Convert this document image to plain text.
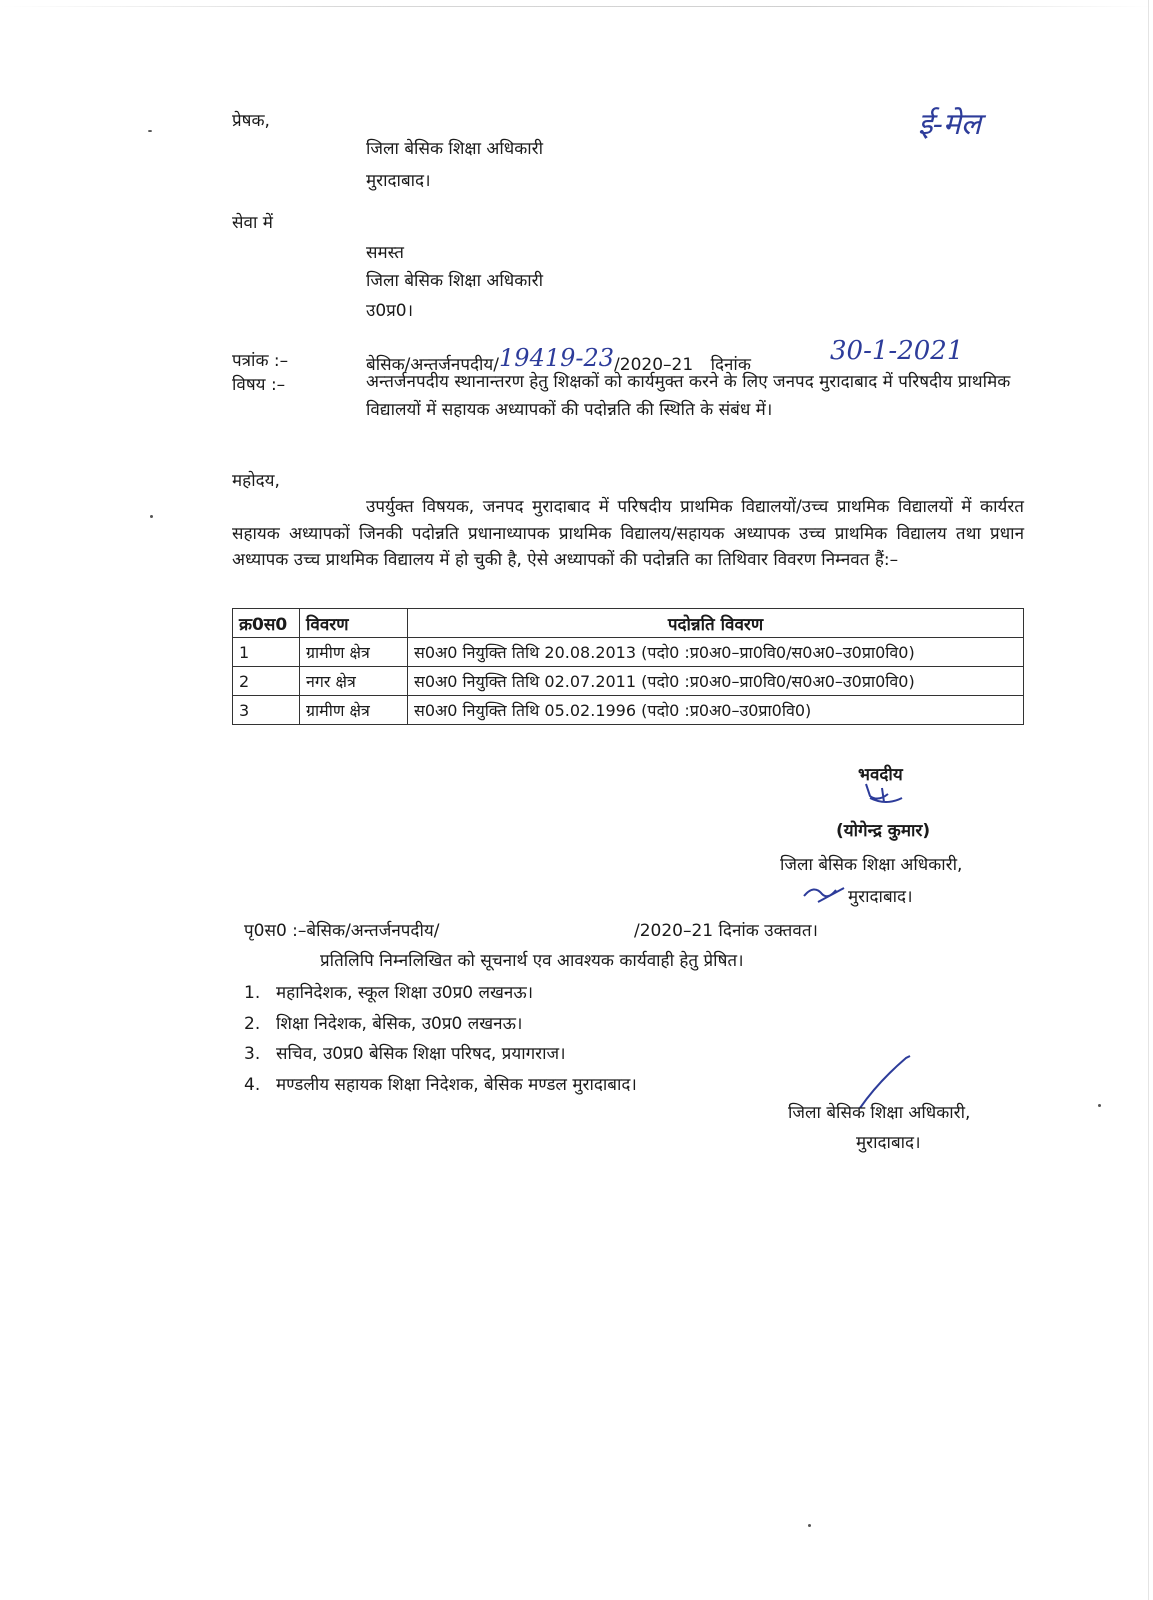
प्रेषक,
जिला बेसिक शिक्षा अधिकारी
मुरादाबाद।
ई-मेल
सेवा में
समस्त
जिला बेसिक शिक्षा अधिकारी
उ0प्र0।
पत्रांक :–	बेसिक/अन्तर्जनपदीय/19419-23/2020–21 दिनांक	30-1-2021
विषय :–	अन्तर्जनपदीय स्थानान्तरण हेतु शिक्षकों को कार्यमुक्त करने के लिए जनपद मुरादाबाद में परिषदीय प्राथमिक विद्यालयों में सहायक अध्यापकों की पदोन्नति की स्थिति के संबंध में।
महोदय,
उपर्युक्त विषयक, जनपद मुरादाबाद में परिषदीय प्राथमिक विद्यालयों/उच्च प्राथमिक विद्यालयों में कार्यरत सहायक अध्यापकों जिनकी पदोन्नति प्रधानाध्यापक प्राथमिक विद्यालय/सहायक अध्यापक उच्च प्राथमिक विद्यालय तथा प्रधान अध्यापक उच्च प्राथमिक विद्यालय में हो चुकी है, ऐसे अध्यापकों की पदोन्नति का तिथिवार विवरण निम्नवत हैं:–
क्र0स0	विवरण	पदोन्नति विवरण
1	ग्रामीण क्षेत्र	स0अ0 नियुक्ति तिथि 20.08.2013 (पदो0 :प्र0अ0–प्रा0वि0/स0अ0–उ0प्रा0वि0)
2	नगर क्षेत्र	स0अ0 नियुक्ति तिथि 02.07.2011 (पदो0 :प्र0अ0–प्रा0वि0/स0अ0–उ0प्रा0वि0)
3	ग्रामीण क्षेत्र	स0अ0 नियुक्ति तिथि 05.02.1996 (पदो0 :प्र0अ0–उ0प्रा0वि0)
भवदीय
(योगेन्द्र कुमार)
जिला बेसिक शिक्षा अधिकारी,
मुरादाबाद।
पृ0स0 :–बेसिक/अन्तर्जनपदीय/	/2020–21 दिनांक उक्तवत।
प्रतिलिपि निम्नलिखित को सूचनार्थ एव आवश्यक कार्यवाही हेतु प्रेषित।
1. महानिदेशक, स्कूल शिक्षा उ0प्र0 लखनऊ।
2. शिक्षा निदेशक, बेसिक, उ0प्र0 लखनऊ।
3. सचिव, उ0प्र0 बेसिक शिक्षा परिषद, प्रयागराज।
4. मण्डलीय सहायक शिक्षा निदेशक, बेसिक मण्डल मुरादाबाद।
जिला बेसिक शिक्षा अधिकारी,
मुरादाबाद।
